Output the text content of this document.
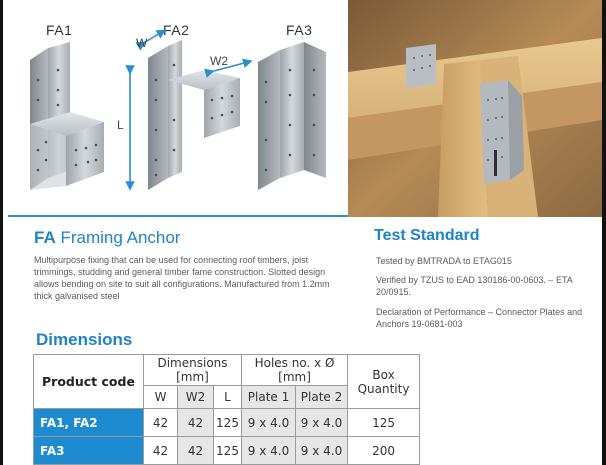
FA1	FA2	FA3
W
W2
L
FA Framing Anchor

Multipurpose fixing that can be used for connecting roof timbers, joist trimmings, studding and general timber fame construction. Slotted design allows bending on site to suit all configurations. Manufactured from 1.2mm thick galvanised steel

Test Standard

Tested by BMTRADA to ETAG015

Verified by TZUS to EAD 130186-00-0603. – ETA 20/0915.

Declaration of Performance – Connector Plates and Anchors 19-0681-003

Dimensions
Product code	Dimensions [mm]			Holes no. x Ø [mm]		Box Quantity
	W	W2	L	Plate 1	Plate 2	
FA1, FA2	42	42	125	9 x 4.0	9 x 4.0	125
FA3	42	42	125	9 x 4.0	9 x 4.0	200
